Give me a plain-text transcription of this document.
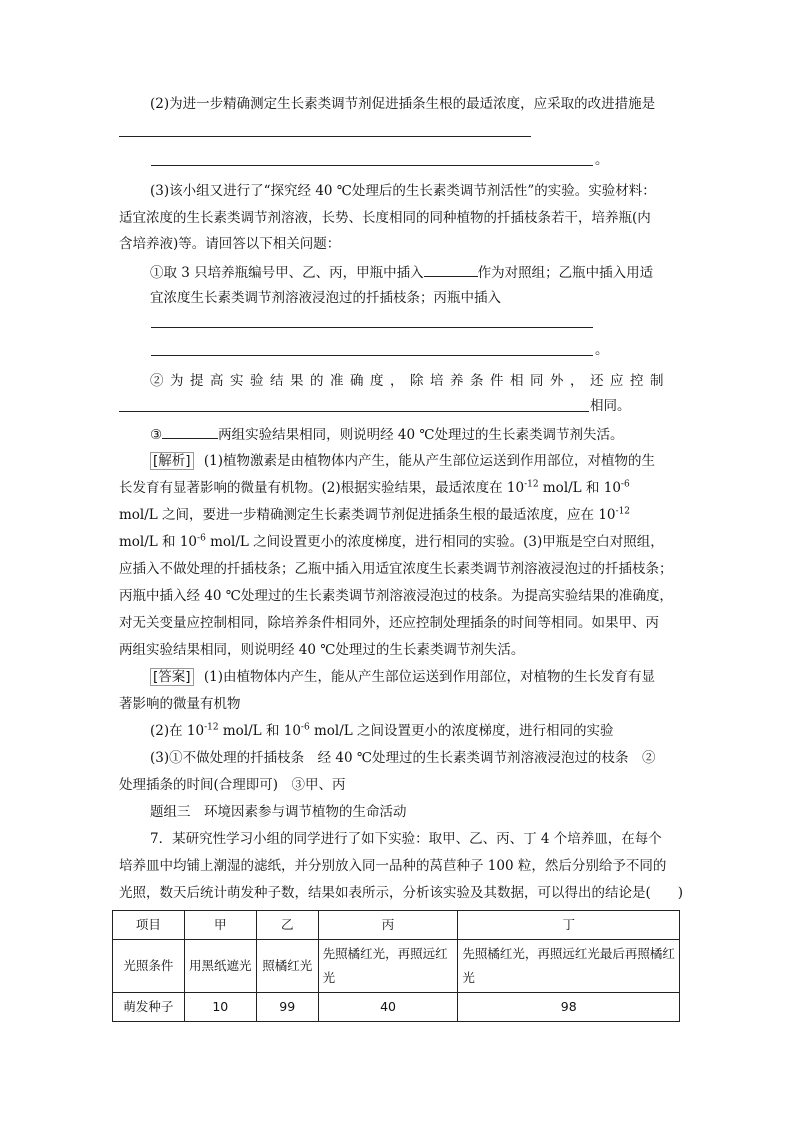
(2)为进一步精确测定生长素类调节剂促进插条生根的最适浓度，应采取的改进措施是
。
(3)该小组又进行了“探究经 40 ℃处理后的生长素类调节剂活性”的实验。实验材料：
适宜浓度的生长素类调节剂溶液，长势、长度相同的同种植物的扦插枝条若干，培养瓶(内
含培养液)等。请回答以下相关问题：
①取 3 只培养瓶编号甲、乙、丙，甲瓶中插入	作为对照组；乙瓶中插入用适
宜浓度生长素类调节剂溶液浸泡过的扦插枝条；丙瓶中插入
。
②为提高实验结果的准确度，除培养条件相同外，还应控制
相同。
③	两组实验结果相同，则说明经 40 ℃处理过的生长素类调节剂失活。
[解析] (1)植物激素是由植物体内产生，能从产生部位运送到作用部位，对植物的生
长发育有显著影响的微量有机物。(2)根据实验结果，最适浓度在 $10^{-12}$ mol/L 和 $10^{-6}$
mol/L 之间，要进一步精确测定生长素类调节剂促进插条生根的最适浓度，应在 $10^{-12}$
mol/L 和 $10^{-6}$ mol/L 之间设置更小的浓度梯度，进行相同的实验。(3)甲瓶是空白对照组，
应插入不做处理的扦插枝条；乙瓶中插入用适宜浓度生长素类调节剂溶液浸泡过的扦插枝条；
丙瓶中插入经 40 ℃处理过的生长素类调节剂溶液浸泡过的枝条。为提高实验结果的准确度，
对无关变量应控制相同，除培养条件相同外，还应控制处理插条的时间等相同。如果甲、丙
两组实验结果相同，则说明经 40 ℃处理过的生长素类调节剂失活。
[答案] (1)由植物体内产生，能从产生部位运送到作用部位，对植物的生长发育有显
著影响的微量有机物
(2)在 $10^{-12}$ mol/L 和 $10^{-6}$ mol/L 之间设置更小的浓度梯度，进行相同的实验
(3)①不做处理的扦插枝条　经 40 ℃处理过的生长素类调节剂溶液浸泡过的枝条　②
处理插条的时间(合理即可)　③甲、丙
题组三　环境因素参与调节植物的生命活动
7．某研究性学习小组的同学进行了如下实验：取甲、乙、丙、丁 4 个培养皿，在每个
培养皿中均铺上潮湿的滤纸，并分别放入同一品种的莴苣种子 100 粒，然后分别给予不同的
光照，数天后统计萌发种子数，结果如表所示，分析该实验及其数据，可以得出的结论是(　　)
项目	甲	乙	丙	丁
光照条件	用黑纸遮光	照橘红光	先照橘红光，再照远红光	先照橘红光，再照远红光最后再照橘红光
萌发种子	10	99	40	98
